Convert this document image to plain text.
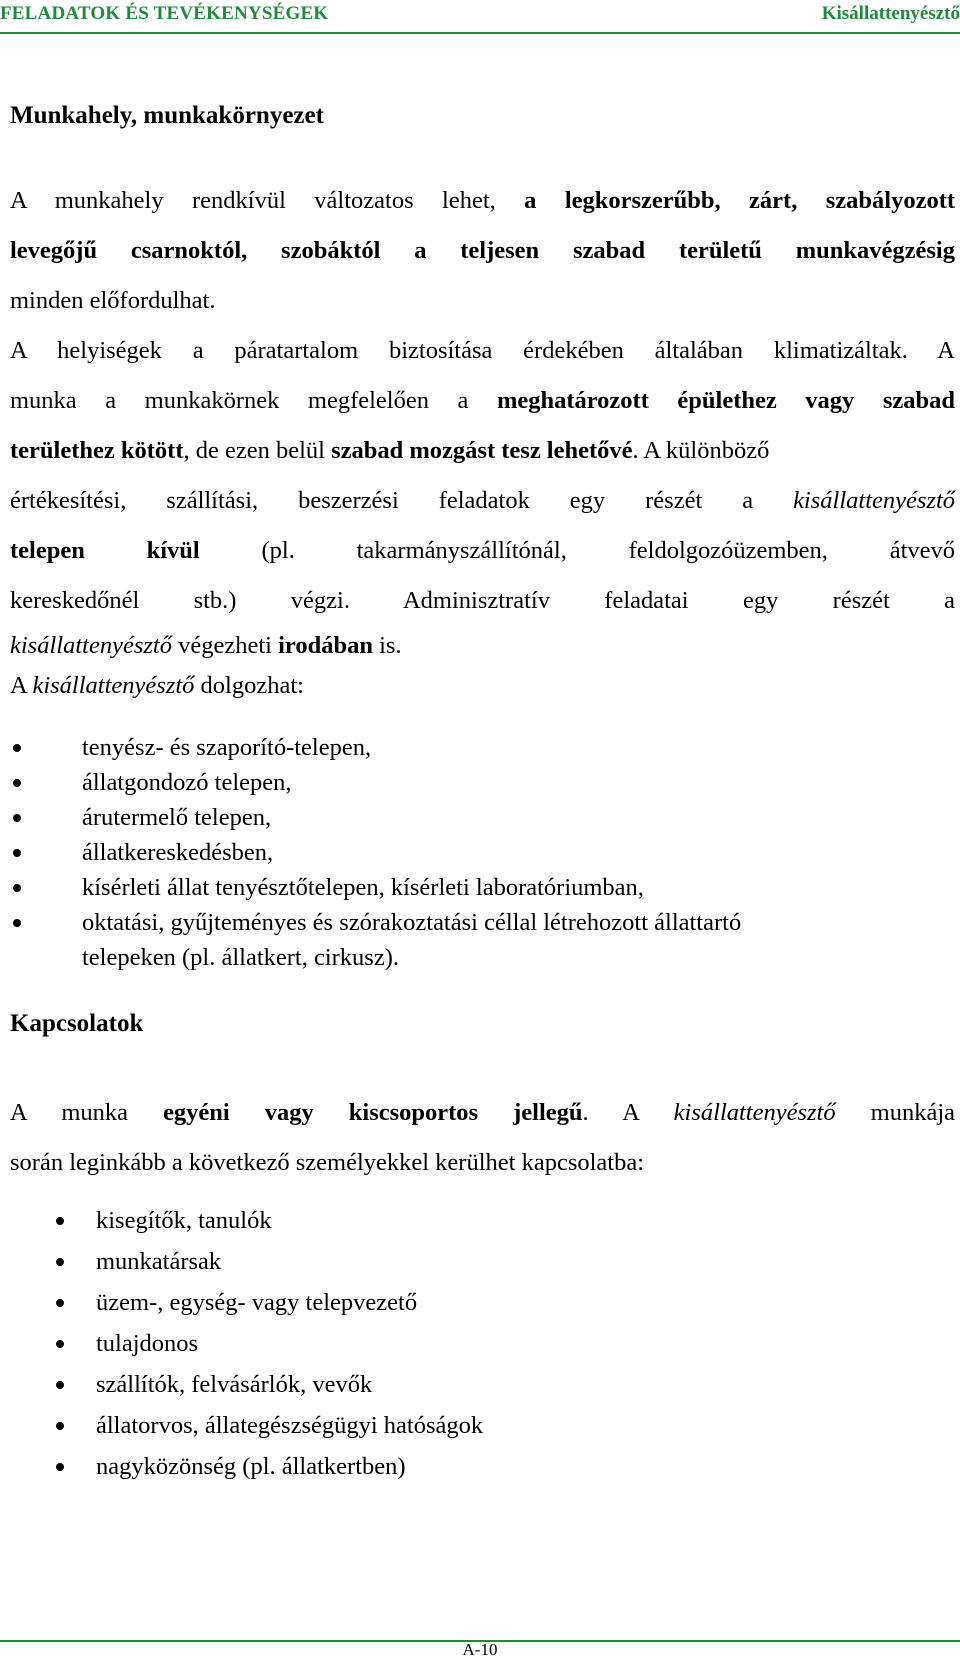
FELADATOK ÉS TEVÉKENYSÉGEK	Kisállattenyésztő
Munkahely, munkakörnyezet
A munkahely rendkívül változatos lehet, a legkorszerűbb, zárt, szabályozott
levegőjű csarnoktól, szobáktól a teljesen szabad területű munkavégzésig
minden előfordulhat.
A helyiségek a páratartalom biztosítása érdekében általában klimatizáltak. A
munka a munkakörnek megfelelően a meghatározott épülethez vagy szabad
területhez kötött, de ezen belül szabad mozgást tesz lehetővé. A különböző
értékesítési, szállítási, beszerzési feladatok egy részét a kisállattenyésztő
telepen kívül	(pl. takarmányszállítónál, feldolgozóüzemben, átvevő
kereskedőnél stb.) végzi. Adminisztratív feladatai egy részét a
kisállattenyésztő végezheti irodában is.
A kisállattenyésztő dolgozhat:
tenyész- és szaporító-telepen,
állatgondozó telepen,
árutermelő telepen,
állatkereskedésben,
kísérleti állat tenyésztőtelepen, kísérleti laboratóriumban,
oktatási, gyűjteményes és szórakoztatási céllal létrehozott állattartó
telepeken (pl. állatkert, cirkusz).
Kapcsolatok
A munka egyéni vagy kiscsoportos jellegű. A kisállattenyésztő munkája
során leginkább a következő személyekkel kerülhet kapcsolatba:
kisegítők, tanulók
munkatársak
üzem-, egység- vagy telepvezető
tulajdonos
szállítók, felvásárlók, vevők
állatorvos, állategészségügyi hatóságok
nagyközönség (pl. állatkertben)
A-10
